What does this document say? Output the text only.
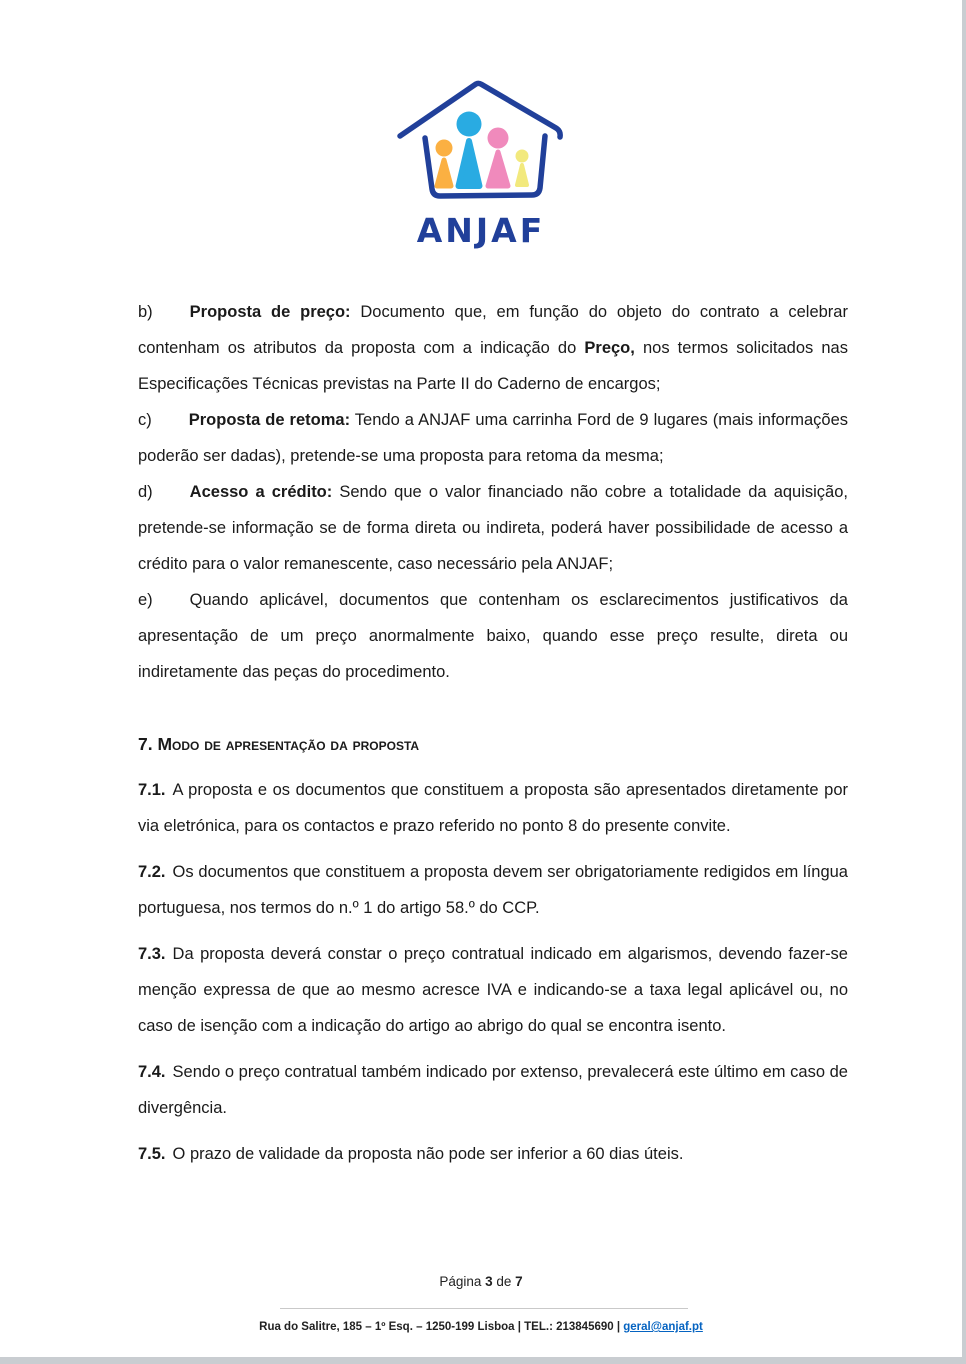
ANJAF

b) Proposta de preço: Documento que, em função do objeto do contrato a celebrar contenham os atributos da proposta com a indicação do Preço, nos termos solicitados nas Especificações Técnicas previstas na Parte II do Caderno de encargos;

c) Proposta de retoma: Tendo a ANJAF uma carrinha Ford de 9 lugares (mais informações poderão ser dadas), pretende-se uma proposta para retoma da mesma;

d) Acesso a crédito: Sendo que o valor financiado não cobre a totalidade da aquisição, pretende-se informação se de forma direta ou indireta, poderá haver possibilidade de acesso a crédito para o valor remanescente, caso necessário pela ANJAF;

e) Quando aplicável, documentos que contenham os esclarecimentos justificativos da apresentação de um preço anormalmente baixo, quando esse preço resulte, direta ou indiretamente das peças do procedimento.

7. Modo de apresentação da proposta

7.1. A proposta e os documentos que constituem a proposta são apresentados diretamente por via eletrónica, para os contactos e prazo referido no ponto 8 do presente convite.

7.2. Os documentos que constituem a proposta devem ser obrigatoriamente redigidos em língua portuguesa, nos termos do n.º 1 do artigo 58.º do CCP.

7.3. Da proposta deverá constar o preço contratual indicado em algarismos, devendo fazer-se menção expressa de que ao mesmo acresce IVA e indicando-se a taxa legal aplicável ou, no caso de isenção com a indicação do artigo ao abrigo do qual se encontra isento.

7.4. Sendo o preço contratual também indicado por extenso, prevalecerá este último em caso de divergência.

7.5. O prazo de validade da proposta não pode ser inferior a 60 dias úteis.

Página 3 de 7
Rua do Salitre, 185 – 1º Esq. – 1250-199 Lisboa | TEL.: 213845690 | geral@anjaf.pt
